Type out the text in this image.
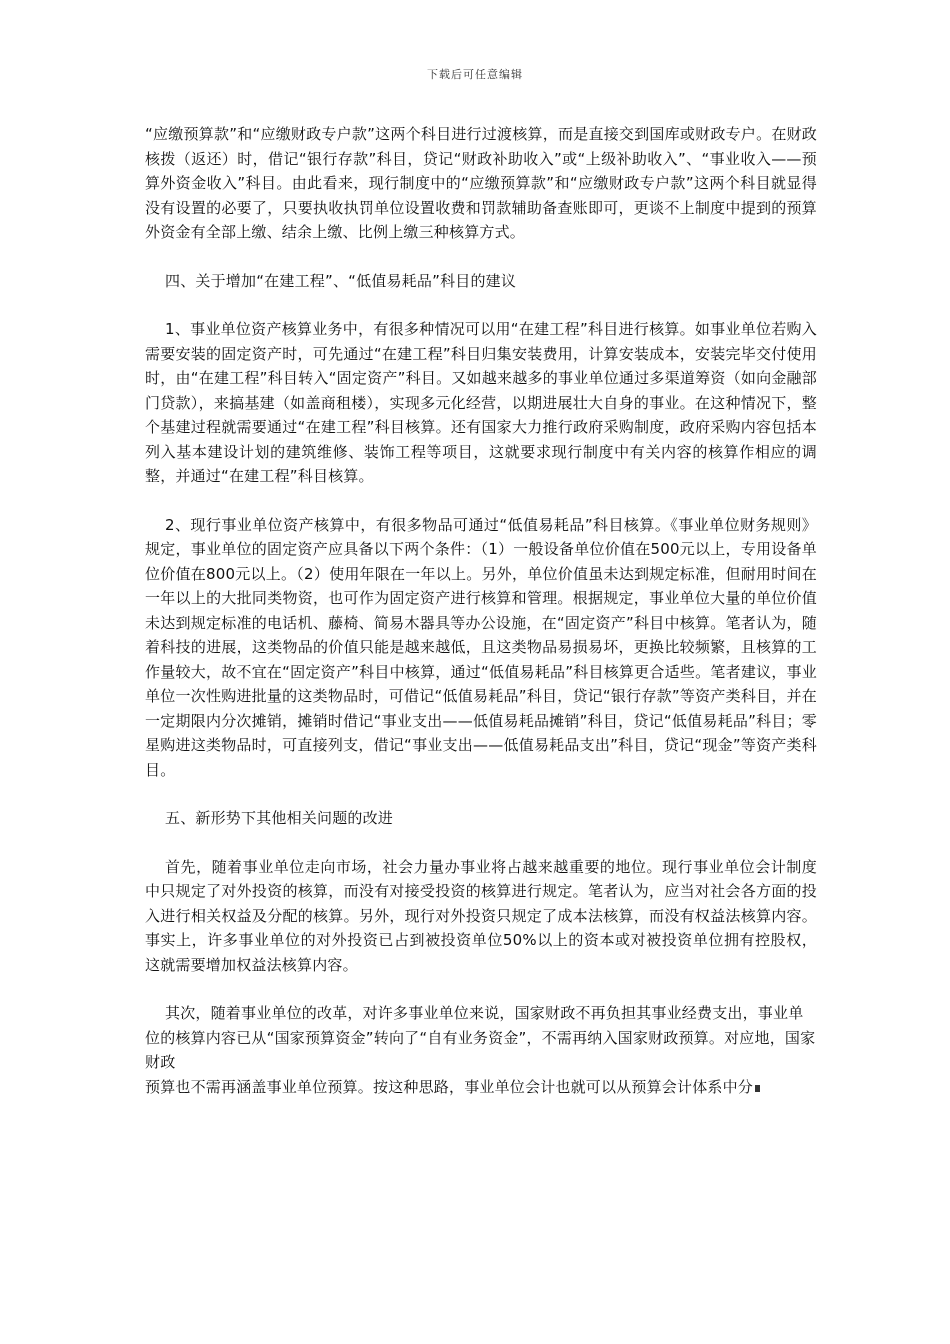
下载后可任意编辑

“应缴预算款”和“应缴财政专户款”这两个科目进行过渡核算，而是直接交到国库或财政专户。在财政核拨（返还）时，借记“银行存款”科目，贷记“财政补助收入”或“上级补助收入”、“事业收入——预算外资金收入”科目。由此看来，现行制度中的“应缴预算款”和“应缴财政专户款”这两个科目就显得没有设置的必要了，只要执收执罚单位设置收费和罚款辅助备查账即可，更谈不上制度中提到的预算外资金有全部上缴、结余上缴、比例上缴三种核算方式。

四、关于增加“在建工程”、“低值易耗品”科目的建议

1、事业单位资产核算业务中，有很多种情况可以用“在建工程”科目进行核算。如事业单位若购入需要安装的固定资产时，可先通过“在建工程”科目归集安装费用，计算安装成本，安装完毕交付使用时，由“在建工程”科目转入“固定资产”科目。又如越来越多的事业单位通过多渠道筹资（如向金融部门贷款），来搞基建（如盖商租楼），实现多元化经营，以期进展壮大自身的事业。在这种情况下，整个基建过程就需要通过“在建工程”科目核算。还有国家大力推行政府采购制度，政府采购内容包括本列入基本建设计划的建筑维修、装饰工程等项目，这就要求现行制度中有关内容的核算作相应的调整，并通过“在建工程”科目核算。

2、现行事业单位资产核算中，有很多物品可通过“低值易耗品”科目核算。《事业单位财务规则》规定，事业单位的固定资产应具备以下两个条件：（1）一般设备单位价值在500元以上，专用设备单位价值在800元以上。（2）使用年限在一年以上。另外，单位价值虽未达到规定标准，但耐用时间在一年以上的大批同类物资，也可作为固定资产进行核算和管理。根据规定，事业单位大量的单位价值未达到规定标准的电话机、藤椅、简易木器具等办公设施，在“固定资产”科目中核算。笔者认为，随着科技的进展，这类物品的价值只能是越来越低，且这类物品易损易坏，更换比较频繁，且核算的工作量较大，故不宜在“固定资产”科目中核算，通过“低值易耗品”科目核算更合适些。笔者建议，事业单位一次性购进批量的这类物品时，可借记“低值易耗品”科目，贷记“银行存款”等资产类科目，并在一定期限内分次摊销，摊销时借记“事业支出——低值易耗品摊销”科目，贷记“低值易耗品”科目；零星购进这类物品时，可直接列支，借记“事业支出——低值易耗品支出”科目，贷记“现金”等资产类科目。

五、新形势下其他相关问题的改进

首先，随着事业单位走向市场，社会力量办事业将占越来越重要的地位。现行事业单位会计制度中只规定了对外投资的核算，而没有对接受投资的核算进行规定。笔者认为，应当对社会各方面的投入进行相关权益及分配的核算。另外，现行对外投资只规定了成本法核算，而没有权益法核算内容。事实上，许多事业单位的对外投资已占到被投资单位50%以上的资本或对被投资单位拥有控股权，这就需要增加权益法核算内容。

其次，随着事业单位的改革，对许多事业单位来说，国家财政不再负担其事业经费支出，事业单位的核算内容已从“国家预算资金”转向了“自有业务资金”，不需再纳入国家财政预算。对应地，国家财政

预算也不需再涵盖事业单位预算。按这种思路，事业单位会计也就可以从预算会计体系中分
